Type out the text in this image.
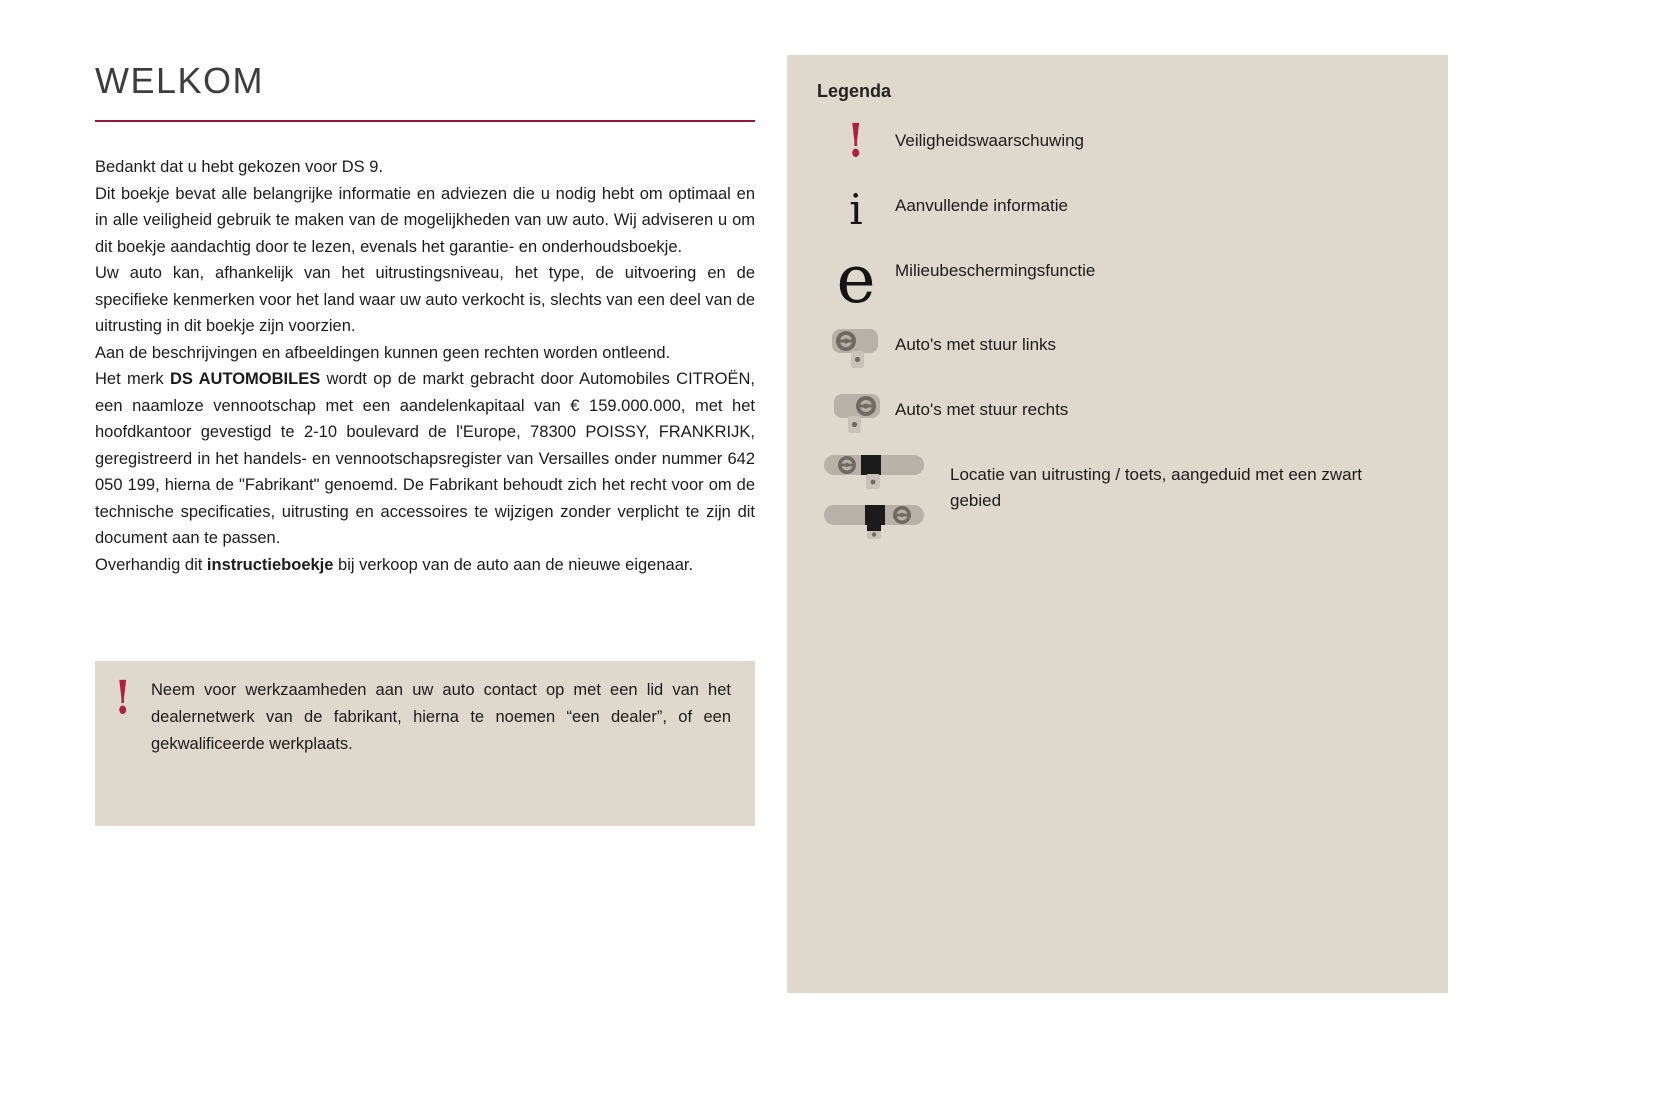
WELKOM

Bedankt dat u hebt gekozen voor DS 9.

Dit boekje bevat alle belangrijke informatie en adviezen die u nodig hebt om optimaal en in alle veiligheid gebruik te maken van de mogelijkheden van uw auto. Wij adviseren u om dit boekje aandachtig door te lezen, evenals het garantie- en onderhoudsboekje.

Uw auto kan, afhankelijk van het uitrustingsniveau, het type, de uitvoering en de specifieke kenmerken voor het land waar uw auto verkocht is, slechts van een deel van de uitrusting in dit boekje zijn voorzien.

Aan de beschrijvingen en afbeeldingen kunnen geen rechten worden ontleend.

Het merk DS AUTOMOBILES wordt op de markt gebracht door Automobiles CITROËN, een naamloze vennootschap met een aandelenkapitaal van € 159.000.000, met het hoofdkantoor gevestigd te 2-10 boulevard de l'Europe, 78300 POISSY, FRANKRIJK, geregistreerd in het handels- en vennootschapsregister van Versailles onder nummer 642 050 199, hierna de "Fabrikant" genoemd. De Fabrikant behoudt zich het recht voor om de technische specificaties, uitrusting en accessoires te wijzigen zonder verplicht te zijn dit document aan te passen.

Overhandig dit instructieboekje bij verkoop van de auto aan de nieuwe eigenaar.

! Neem voor werkzaamheden aan uw auto contact op met een lid van het dealernetwerk van de fabrikant, hierna te noemen “een dealer”, of een gekwalificeerde werkplaats.

Legenda
! Veiligheidswaarschuwing
i Aanvullende informatie
e Milieubeschermingsfunctie
Auto's met stuur links
Auto's met stuur rechts
Locatie van uitrusting / toets, aangeduid met een zwart gebied
